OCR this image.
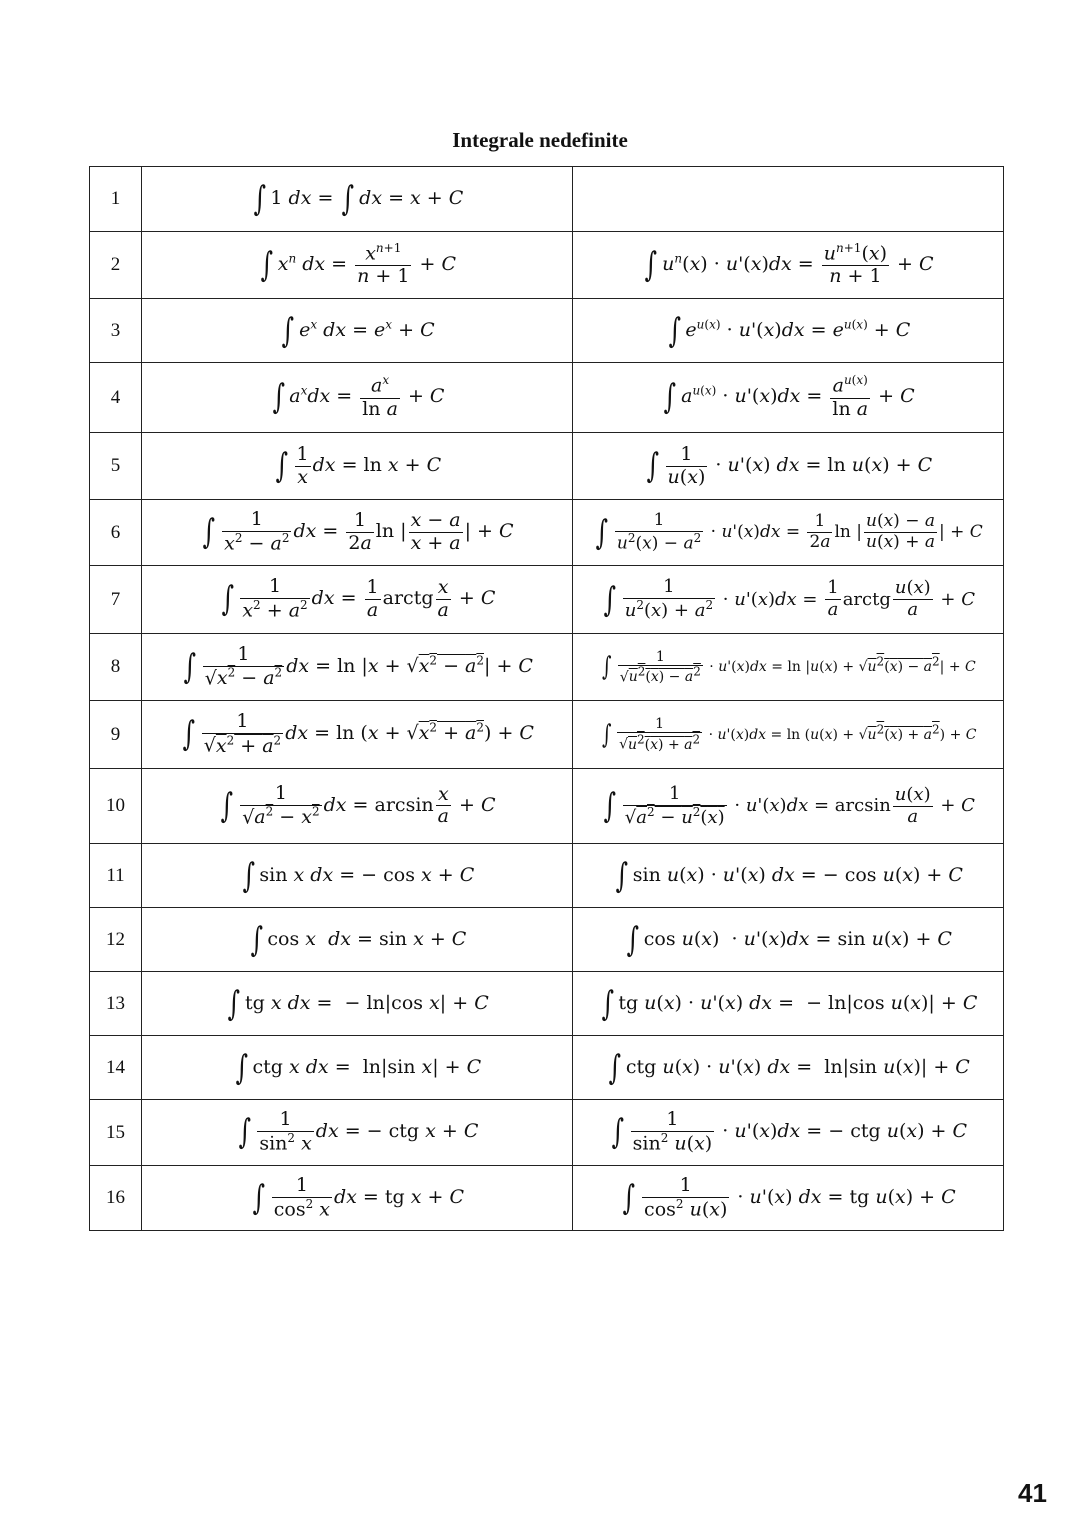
Integrale nedefinite
1	∫ 1 dx = ∫ dx = x + C	
2	∫ $x^n$ dx = $\frac{x^{n+1}}{n + 1} + C$	∫ $u^n(x) \cdot u'(x)dx = \frac{u^{n+1}(x)}{n + 1} + C$
3	∫ $e^x$ dx = $e^x + C$	∫ $e^{u(x)} \cdot u'(x)dx = e^{u(x)} + C$
4	∫ $a^xdx = \frac{a^x}{\text{ln a}} + C$	∫ $a^{u(x)} \cdot u'(x)dx = \frac{a^{u(x)}}{\text{ln a}} + C$
5	∫ $\frac{1}{x}$ dx = ln x + C	∫ $\frac{1}{u(x)} \cdot u'(x)$ dx = ln u(x) + C
6	∫ $\frac{1}{x^2 - a^2}$ dx = $\frac{1}{2a}$ ln | $\frac{x - a}{x + a}$ | + C	∫ $\frac{1}{u^2(x) - a^2} \cdot u'(x)dx = \frac{1}{2a}$ ln | $\frac{u(x) - a}{u(x) + a}$ | + C
7	∫ $\frac{1}{x^2 + a^2}$ dx = $\frac{1}{a}$ arctg $\frac{x}{a} + C$	∫ $\frac{1}{u^2(x) + a^2} \cdot u'(x)dx = \frac{1}{a}$ arctg $\frac{u(x)}{a} + C$
8	∫ $\frac{1}{√x^2 - a^2}$ dx = $\ln |x + √x^2 - a^2| + C$	∫ $\frac{1}{√u^2(x) - a^2} \cdot u'(x)dx = \ln |u(x) + √u^2(x) - a^2| + C$
9	∫ $\frac{1}{√x^2 + a^2}$ dx = $\ln (x + √x^2 + a^2) + C$	∫ $\frac{1}{√u^2(x) + a^2} \cdot u'(x)dx = \ln (u(x) + √u^2(x) + a^2) + C$
10	∫ $\frac{1}{√a^2 - x^2}$ dx = $\arcsin \frac{x}{a} + C$	∫ $\frac{1}{√a^2 - u^2(x)} \cdot u'(x)dx = \arcsin \frac{u(x)}{a} + C$
11	∫ sin x dx = − cos x + C	∫ sin u(x) · u'(x) dx = − cos u(x) + C
12	∫ cos x dx = sin x + C	∫ cos u(x)  · u'(x)dx = sin u(x) + C
13	∫ tg x dx =  − ln|cos x| + C	∫ tg u(x) · u'(x) dx =  − ln|cos u(x)| + C
14	∫ ctg x dx =  ln|sin x| + C	∫ ctg u(x) · u'(x) dx =  ln|sin u(x)| + C
15	∫ $\frac{1}{\sin^2 x}$ dx = − ctg x + C	∫ $\frac{1}{\sin^2 u(x)} \cdot u'(x)dx$ = − ctg u(x) + C
16	∫ $\frac{1}{\cos^2 x}$ dx = tg x + C	∫ $\frac{1}{\cos^2 u(x)} \cdot u'(x)$ dx = tg u(x) + C
41
